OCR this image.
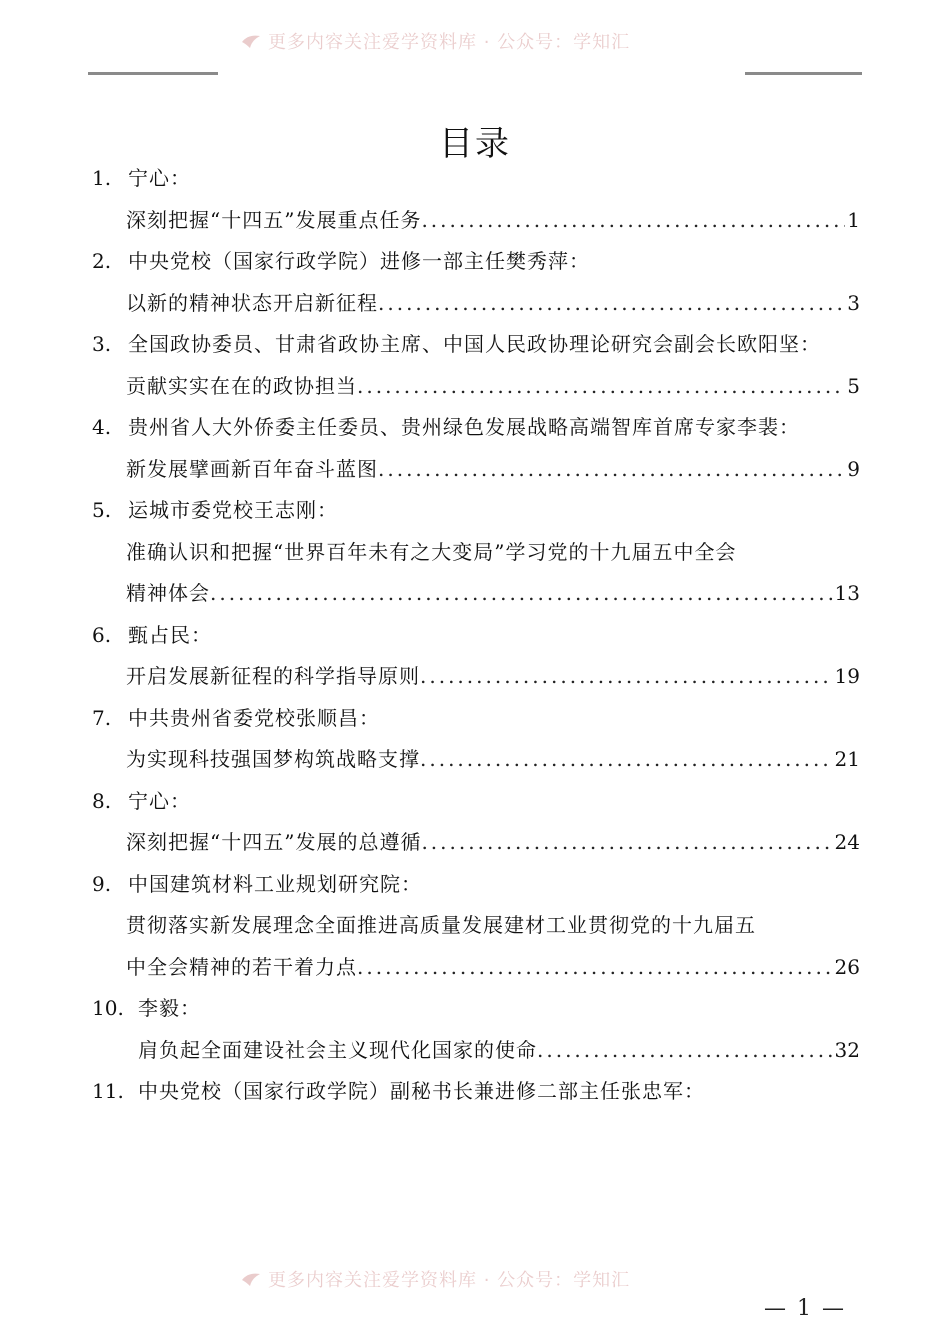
更多内容关注爱学资料库 · 公众号：学知汇
目录
1. 宁心：
深刻把握“十四五”发展重点任务 .....	1
2. 中央党校（国家行政学院）进修一部主任樊秀萍：
以新的精神状态开启新征程 .....	3
3. 全国政协委员、甘肃省政协主席、中国人民政协理论研究会副会长欧阳坚：
贡献实实在在的政协担当 .....	5
4. 贵州省人大外侨委主任委员、贵州绿色发展战略高端智库首席专家李裴：
新发展擘画新百年奋斗蓝图 .....	9
5. 运城市委党校王志刚：
准确认识和把握“世界百年未有之大变局”学习党的十九届五中全会
精神体会 .....	13
6. 甄占民：
开启发展新征程的科学指导原则 .....	19
7. 中共贵州省委党校张顺昌：
为实现科技强国梦构筑战略支撑 .....	21
8. 宁心：
深刻把握“十四五”发展的总遵循 .....	24
9. 中国建筑材料工业规划研究院：
贯彻落实新发展理念全面推进高质量发展建材工业贯彻党的十九届五
中全会精神的若干着力点 .....	26
10. 李毅：
肩负起全面建设社会主义现代化国家的使命 .....	32
11. 中央党校（国家行政学院）副秘书长兼进修二部主任张忠军：
更多内容关注爱学资料库 · 公众号：学知汇
— 1 —
